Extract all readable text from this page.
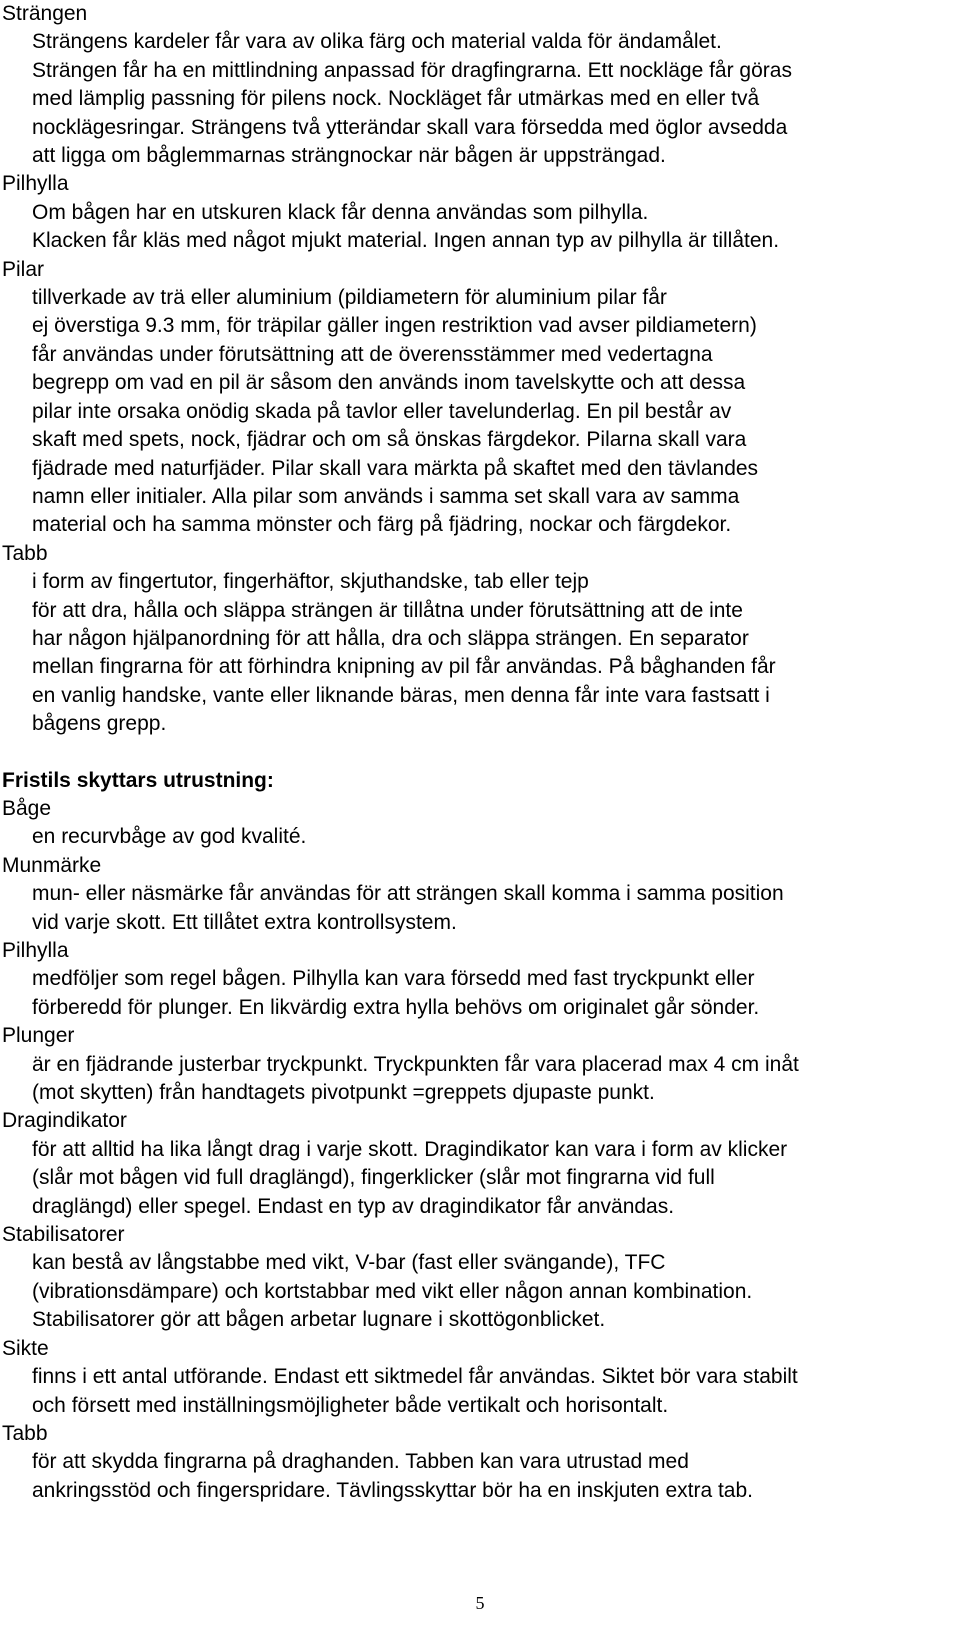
Strängen
Strängens kardeler får vara av olika färg och material valda för ändamålet.
Strängen får ha en mittlindning anpassad för dragfingrarna. Ett nockläge får göras
med lämplig passning för pilens nock. Nockläget får utmärkas med en eller två
nocklägesringar. Strängens två ytterändar skall vara försedda med öglor avsedda
att ligga om båglemmarnas strängnockar när bågen är uppsträngad.
Pilhylla
Om bågen har en utskuren klack får denna användas som pilhylla.
Klacken får kläs med något mjukt material. Ingen annan typ av pilhylla är tillåten.
Pilar
tillverkade av trä eller aluminium (pildiametern för aluminium pilar får
ej överstiga 9.3 mm, för träpilar gäller ingen restriktion vad avser pildiametern)
får användas under förutsättning att de överensstämmer med vedertagna
begrepp om vad en pil är såsom den används inom tavelskytte och att dessa
pilar inte orsaka onödig skada på tavlor eller tavelunderlag. En pil består av
skaft med spets, nock, fjädrar och om så önskas färgdekor. Pilarna skall vara
fjädrade med naturfjäder. Pilar skall vara märkta på skaftet med den tävlandes
namn eller initialer. Alla pilar som används i samma set skall vara av samma
material och ha samma mönster och färg på fjädring, nockar och färgdekor.
Tabb
i form av fingertutor, fingerhäftor, skjuthandske, tab eller tejp
för att dra, hålla och släppa strängen är tillåtna under förutsättning att de inte
har någon hjälpanordning för att hålla, dra och släppa strängen. En separator
mellan fingrarna för att förhindra knipning av pil får användas. På båghanden får
en vanlig handske, vante eller liknande bäras, men denna får inte vara fastsatt i
bågens grepp.
Fristils skyttars utrustning:
Båge
en recurvbåge av god kvalité.
Munmärke
mun- eller näsmärke får användas för att strängen skall komma i samma position
vid varje skott. Ett tillåtet extra kontrollsystem.
Pilhylla
medföljer som regel bågen. Pilhylla kan vara försedd med fast tryckpunkt eller
förberedd för plunger. En likvärdig extra hylla behövs om originalet går sönder.
Plunger
är en fjädrande justerbar tryckpunkt. Tryckpunkten får vara placerad max 4 cm inåt
(mot skytten) från handtagets pivotpunkt =greppets djupaste punkt.
Dragindikator
för att alltid ha lika långt drag i varje skott. Dragindikator kan vara i form av klicker
(slår mot bågen vid full draglängd), fingerklicker (slår mot fingrarna vid full
draglängd) eller spegel. Endast en typ av dragindikator får användas.
Stabilisatorer
kan bestå av långstabbe med vikt, V-bar (fast eller svängande), TFC
(vibrationsdämpare) och kortstabbar med vikt eller någon annan kombination.
Stabilisatorer gör att bågen arbetar lugnare i skottögonblicket.
Sikte
finns i ett antal utförande. Endast ett siktmedel får användas. Siktet bör vara stabilt
och försett med inställningsmöjligheter både vertikalt och horisontalt.
Tabb
för att skydda fingrarna på draghanden. Tabben kan vara utrustad med
ankringsstöd och fingerspridare. Tävlingsskyttar bör ha en inskjuten extra tab.
5
